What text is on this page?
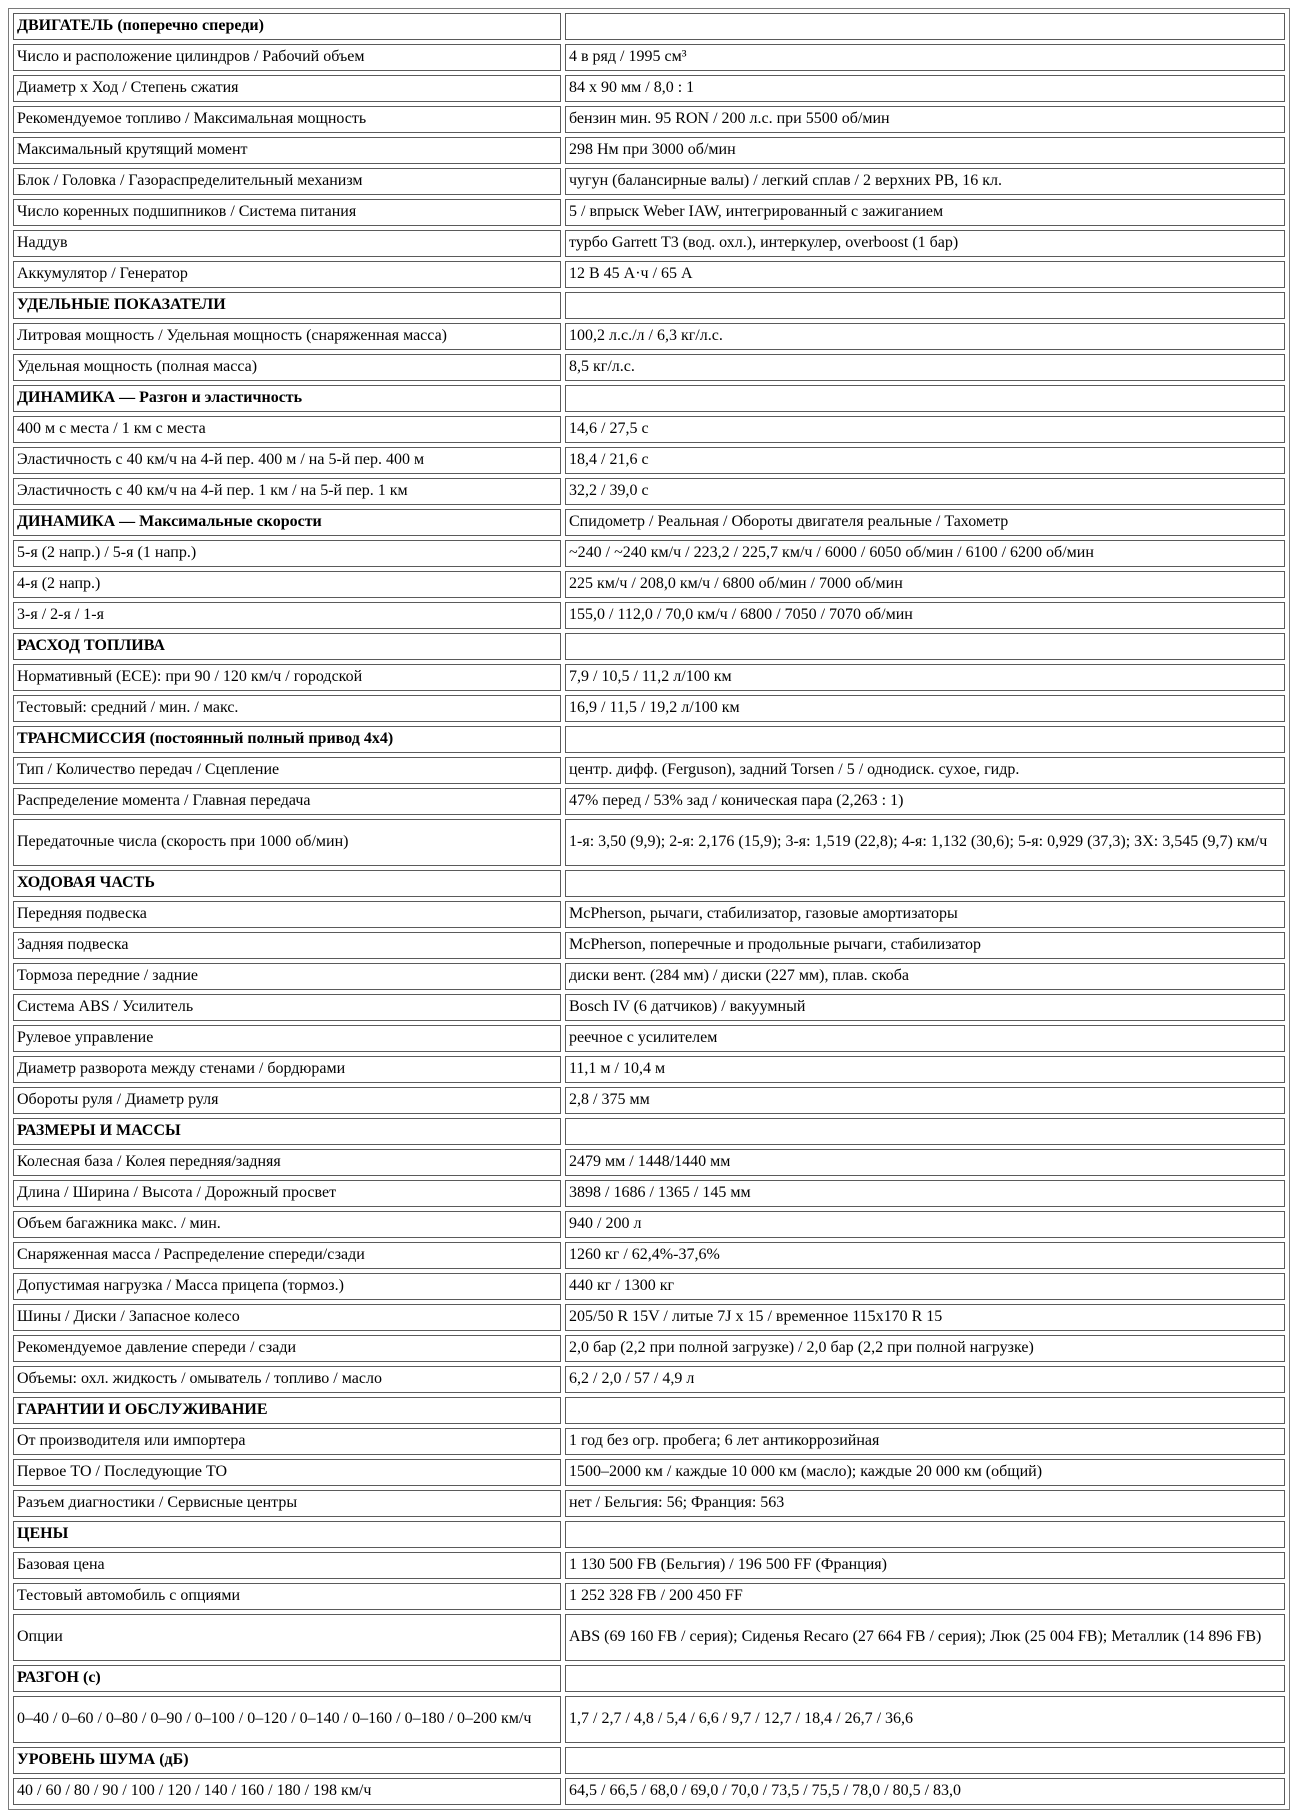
ДВИГАТЕЛЬ (поперечно спереди)	
Число и расположение цилиндров / Рабочий объем	4 в ряд / 1995 см³
Диаметр x Ход / Степень сжатия	84 x 90 мм / 8,0 : 1
Рекомендуемое топливо / Максимальная мощность	бензин мин. 95 RON / 200 л.с. при 5500 об/мин
Максимальный крутящий момент	298 Нм при 3000 об/мин
Блок / Головка / Газораспределительный механизм	чугун (балансирные валы) / легкий сплав / 2 верхних РВ, 16 кл.
Число коренных подшипников / Система питания	5 / впрыск Weber IAW, интегрированный с зажиганием
Наддув	турбо Garrett T3 (вод. охл.), интеркулер, overboost (1 бар)
Аккумулятор / Генератор	12 В 45 А·ч / 65 А
УДЕЛЬНЫЕ ПОКАЗАТЕЛИ	
Литровая мощность / Удельная мощность (снаряженная масса)	100,2 л.с./л / 6,3 кг/л.с.
Удельная мощность (полная масса)	8,5 кг/л.с.
ДИНАМИКА — Разгон и эластичность	
400 м с места / 1 км с места	14,6 / 27,5 с
Эластичность с 40 км/ч на 4-й пер. 400 м / на 5-й пер. 400 м	18,4 / 21,6 с
Эластичность с 40 км/ч на 4-й пер. 1 км / на 5-й пер. 1 км	32,2 / 39,0 с
ДИНАМИКА — Максимальные скорости	Спидометр / Реальная / Обороты двигателя реальные / Тахометр
5-я (2 напр.) / 5-я (1 напр.)	~240 / ~240 км/ч / 223,2 / 225,7 км/ч / 6000 / 6050 об/мин / 6100 / 6200 об/мин
4-я (2 напр.)	225 км/ч / 208,0 км/ч / 6800 об/мин / 7000 об/мин
3-я / 2-я / 1-я	155,0 / 112,0 / 70,0 км/ч / 6800 / 7050 / 7070 об/мин
РАСХОД ТОПЛИВА	
Нормативный (ECE): при 90 / 120 км/ч / городской	7,9 / 10,5 / 11,2 л/100 км
Тестовый: средний / мин. / макс.	16,9 / 11,5 / 19,2 л/100 км
ТРАНСМИССИЯ (постоянный полный привод 4x4)	
Тип / Количество передач / Сцепление	центр. дифф. (Ferguson), задний Torsen / 5 / однодиск. сухое, гидр.
Распределение момента / Главная передача	47% перед / 53% зад / коническая пара (2,263 : 1)
Передаточные числа (скорость при 1000 об/мин)	1-я: 3,50 (9,9); 2-я: 2,176 (15,9); 3-я: 1,519 (22,8); 4-я: 1,132 (30,6); 5-я: 0,929 (37,3); ЗХ: 3,545 (9,7) км/ч
ХОДОВАЯ ЧАСТЬ	
Передняя подвеска	McPherson, рычаги, стабилизатор, газовые амортизаторы
Задняя подвеска	McPherson, поперечные и продольные рычаги, стабилизатор
Тормоза передние / задние	диски вент. (284 мм) / диски (227 мм), плав. скоба
Система ABS / Усилитель	Bosch IV (6 датчиков) / вакуумный
Рулевое управление	реечное с усилителем
Диаметр разворота между стенами / бордюрами	11,1 м / 10,4 м
Обороты руля / Диаметр руля	2,8 / 375 мм
РАЗМЕРЫ И МАССЫ	
Колесная база / Колея передняя/задняя	2479 мм / 1448/1440 мм
Длина / Ширина / Высота / Дорожный просвет	3898 / 1686 / 1365 / 145 мм
Объем багажника макс. / мин.	940 / 200 л
Снаряженная масса / Распределение спереди/сзади	1260 кг / 62,4%-37,6%
Допустимая нагрузка / Масса прицепа (тормоз.)	440 кг / 1300 кг
Шины / Диски / Запасное колесо	205/50 R 15V / литые 7J x 15 / временное 115x170 R 15
Рекомендуемое давление спереди / сзади	2,0 бар (2,2 при полной загрузке) / 2,0 бар (2,2 при полной нагрузке)
Объемы: охл. жидкость / омыватель / топливо / масло	6,2 / 2,0 / 57 / 4,9 л
ГАРАНТИИ И ОБСЛУЖИВАНИЕ	
От производителя или импортера	1 год без огр. пробега; 6 лет антикоррозийная
Первое ТО / Последующие ТО	1500–2000 км / каждые 10 000 км (масло); каждые 20 000 км (общий)
Разъем диагностики / Сервисные центры	нет / Бельгия: 56; Франция: 563
ЦЕНЫ	
Базовая цена	1 130 500 FB (Бельгия) / 196 500 FF (Франция)
Тестовый автомобиль с опциями	1 252 328 FB / 200 450 FF
Опции	ABS (69 160 FB / серия); Сиденья Recaro (27 664 FB / серия); Люк (25 004 FB); Металлик (14 896 FB)
РАЗГОН (с)	
0–40 / 0–60 / 0–80 / 0–90 / 0–100 / 0–120 / 0–140 / 0–160 / 0–180 / 0–200 км/ч	1,7 / 2,7 / 4,8 / 5,4 / 6,6 / 9,7 / 12,7 / 18,4 / 26,7 / 36,6
УРОВЕНЬ ШУМА (дБ)	
40 / 60 / 80 / 90 / 100 / 120 / 140 / 160 / 180 / 198 км/ч	64,5 / 66,5 / 68,0 / 69,0 / 70,0 / 73,5 / 75,5 / 78,0 / 80,5 / 83,0
